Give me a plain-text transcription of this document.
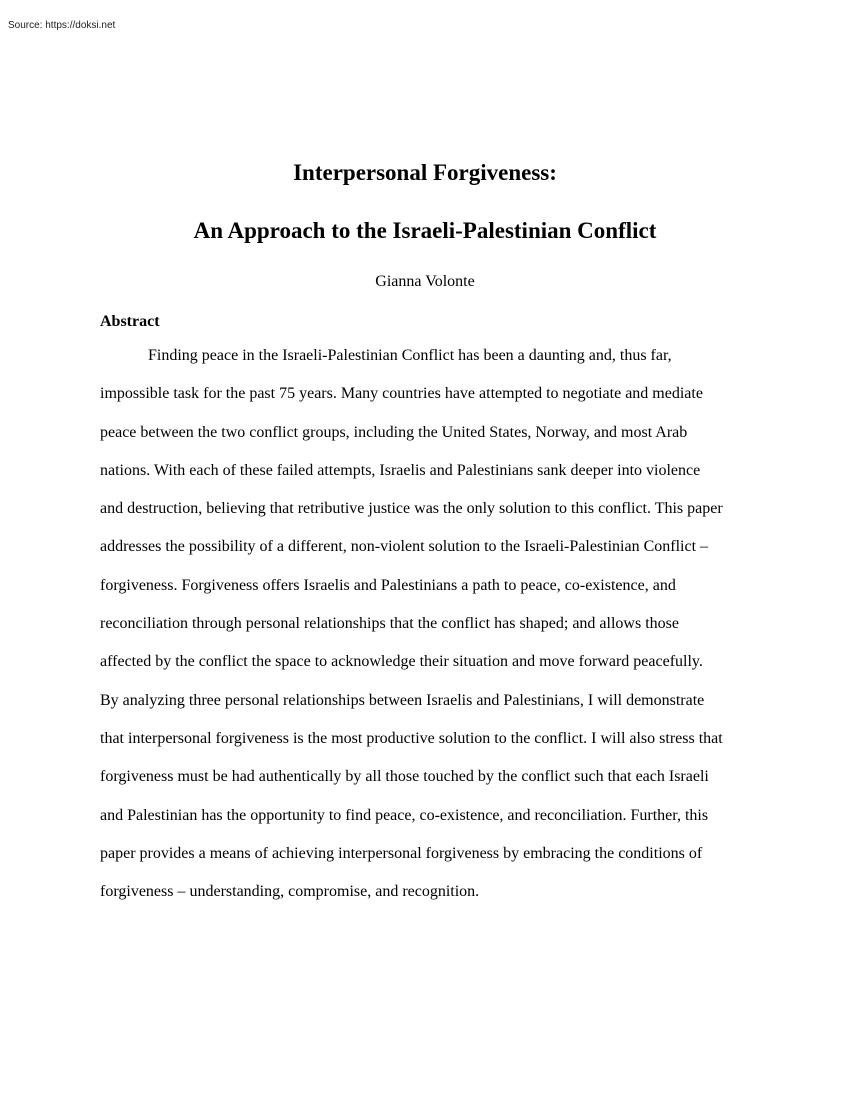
Source: https://doksi.net
Interpersonal Forgiveness:
An Approach to the Israeli-Palestinian Conflict
Gianna Volonte
Abstract
Finding peace in the Israeli-Palestinian Conflict has been a daunting and, thus far,
impossible task for the past 75 years. Many countries have attempted to negotiate and mediate
peace between the two conflict groups, including the United States, Norway, and most Arab
nations. With each of these failed attempts, Israelis and Palestinians sank deeper into violence
and destruction, believing that retributive justice was the only solution to this conflict. This paper
addresses the possibility of a different, non-violent solution to the Israeli-Palestinian Conflict –
forgiveness. Forgiveness offers Israelis and Palestinians a path to peace, co-existence, and
reconciliation through personal relationships that the conflict has shaped; and allows those
affected by the conflict the space to acknowledge their situation and move forward peacefully.
By analyzing three personal relationships between Israelis and Palestinians, I will demonstrate
that interpersonal forgiveness is the most productive solution to the conflict. I will also stress that
forgiveness must be had authentically by all those touched by the conflict such that each Israeli
and Palestinian has the opportunity to find peace, co-existence, and reconciliation. Further, this
paper provides a means of achieving interpersonal forgiveness by embracing the conditions of
forgiveness – understanding, compromise, and recognition.
